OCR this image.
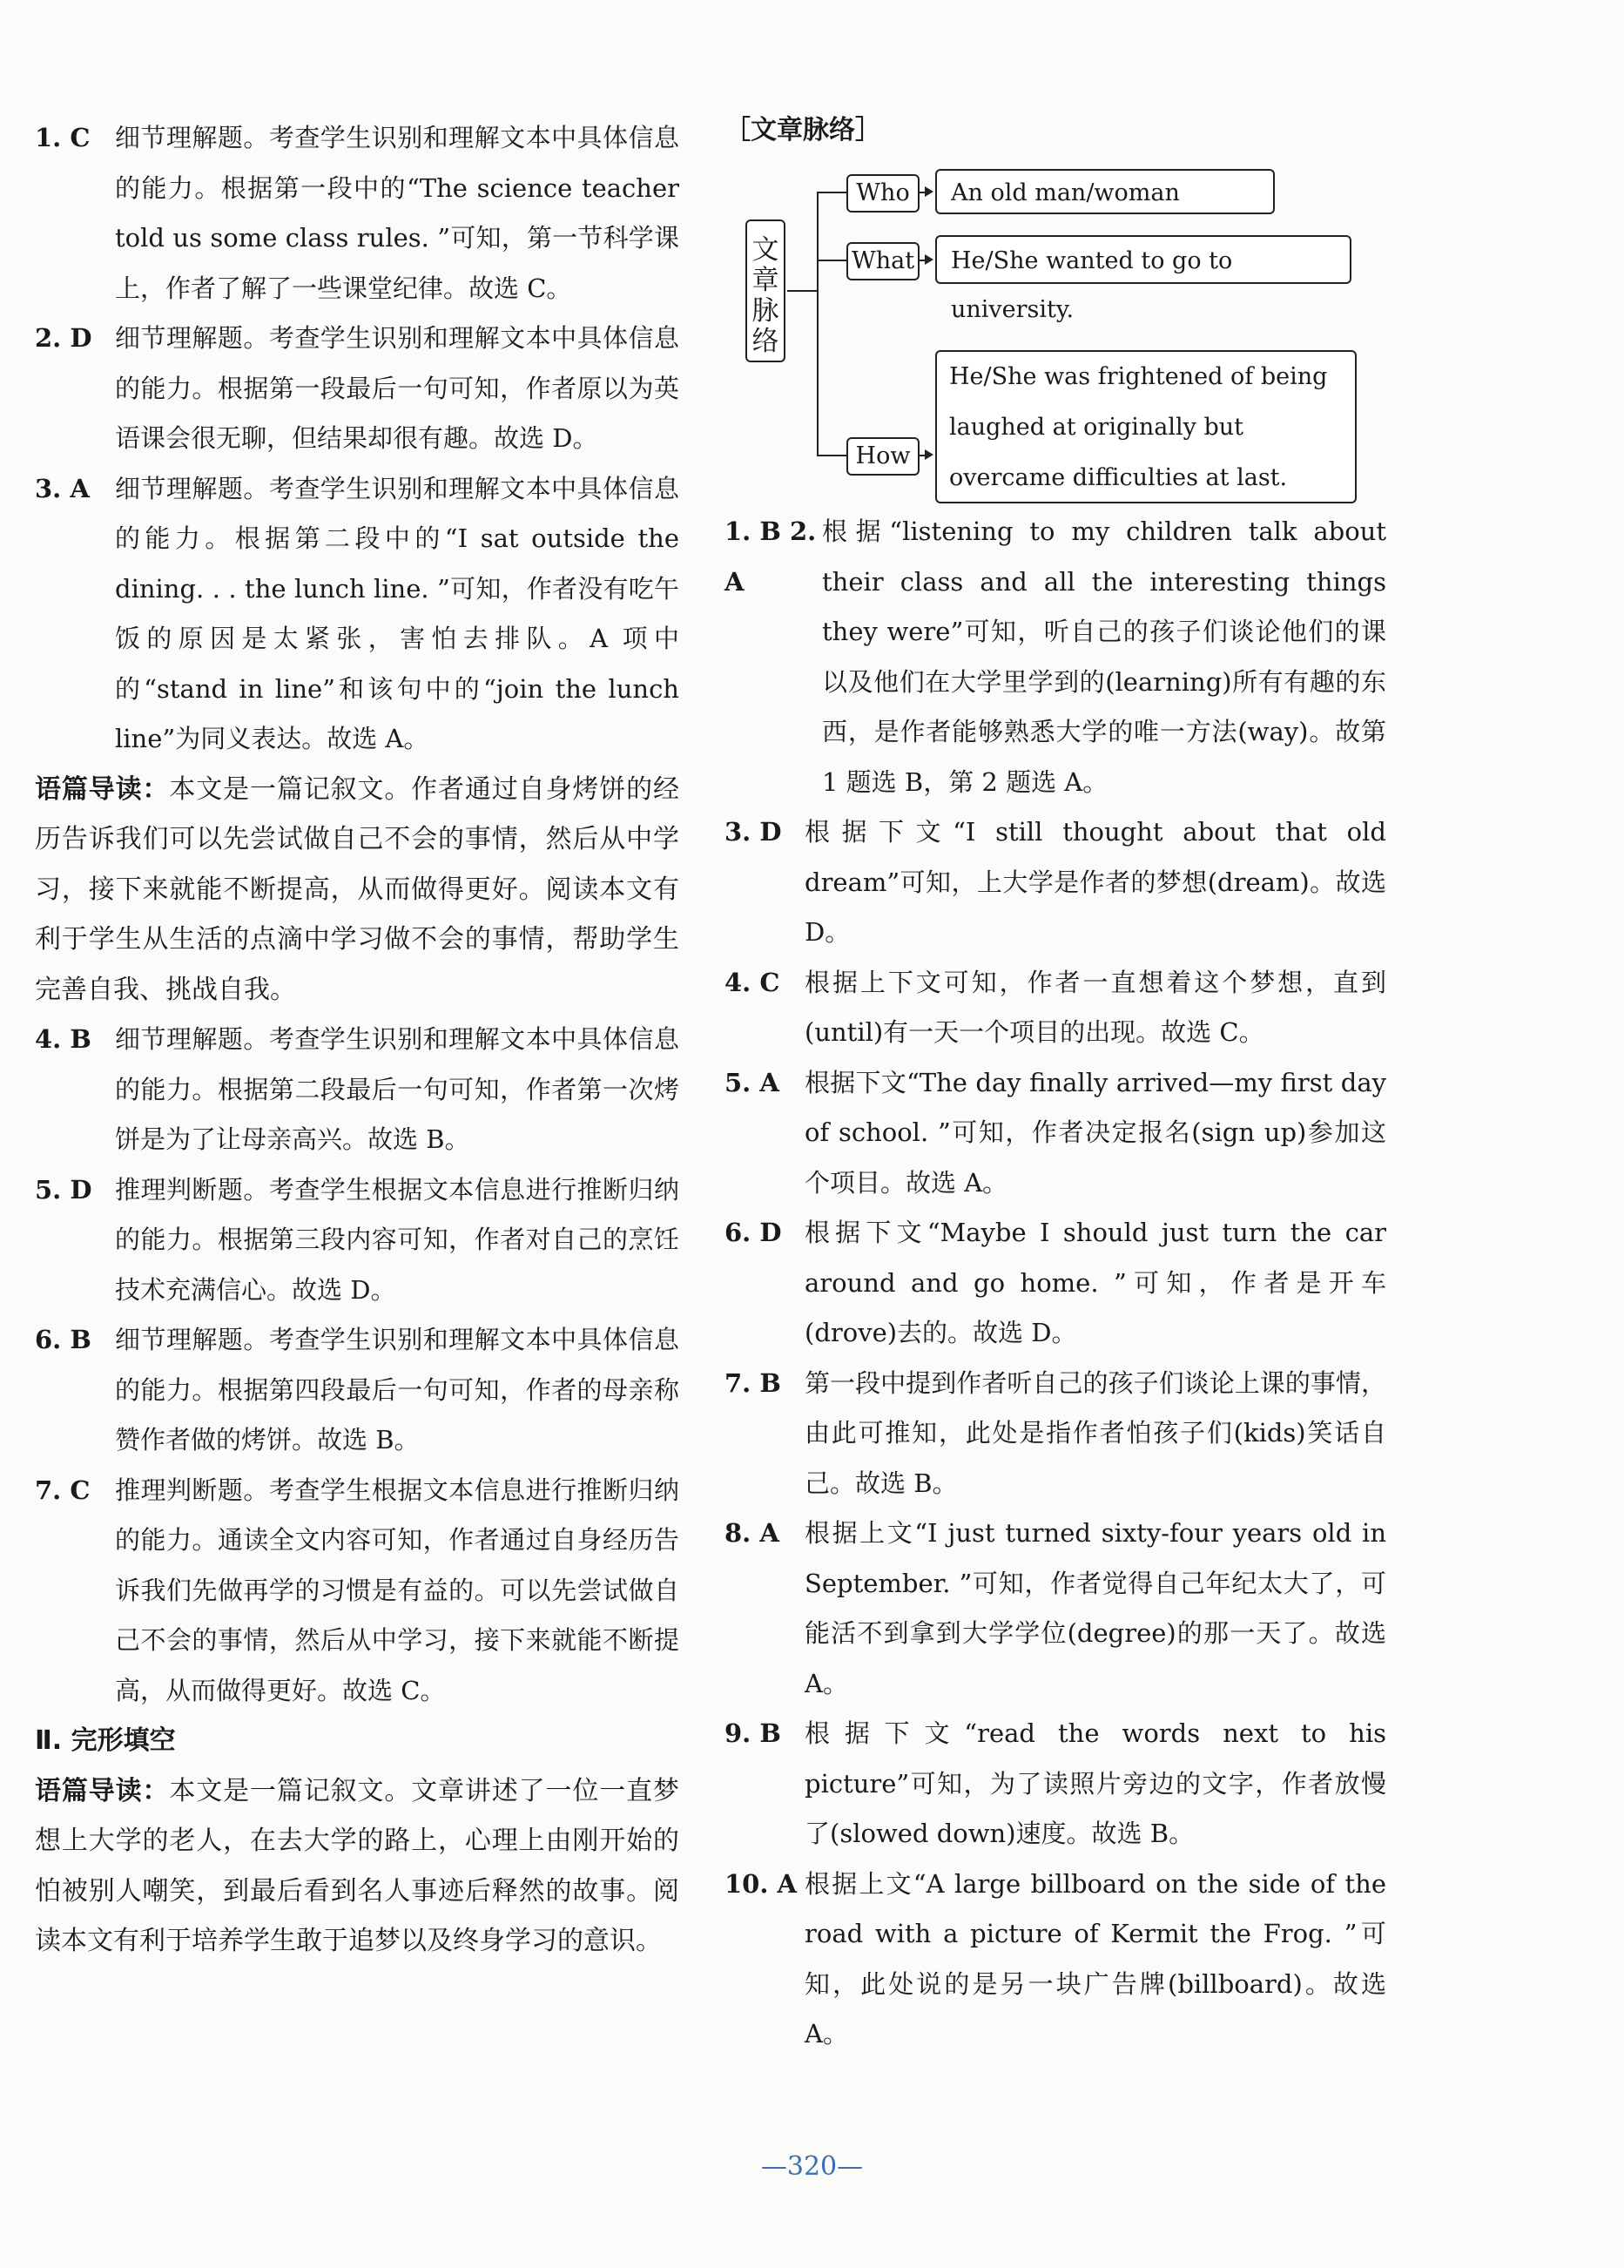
1. C 细节理解题。考查学生识别和理解文本中具体信息的能力。根据第一段中的“The science teacher told us some class rules. ”可知，第一节科学课上，作者了解了一些课堂纪律。故选 C。
2. D 细节理解题。考查学生识别和理解文本中具体信息的能力。根据第一段最后一句可知，作者原以为英语课会很无聊，但结果却很有趣。故选 D。
3. A	细节理解题。考查学生识别和理解文本中具体信息的能力。根据第二段中的“I sat outside the dining. . . the lunch line. ”可知，作者没有吃午饭的原因是太紧张，害怕去排队。A 项中的“stand in line”和该句中的“join the lunch line”为同义表达。故选 A。
语篇导读：本文是一篇记叙文。作者通过自身烤饼的经历告诉我们可以先尝试做自己不会的事情，然后从中学习，接下来就能不断提高，从而做得更好。阅读本文有利于学生从生活的点滴中学习做不会的事情，帮助学生完善自我、挑战自我。
4. B 细节理解题。考查学生识别和理解文本中具体信息的能力。根据第二段最后一句可知，作者第一次烤饼是为了让母亲高兴。故选 B。
5. D 推理判断题。考查学生根据文本信息进行推断归纳的能力。根据第三段内容可知，作者对自己的烹饪技术充满信心。故选 D。
6. B 细节理解题。考查学生识别和理解文本中具体信息的能力。根据第四段最后一句可知，作者的母亲称赞作者做的烤饼。故选 B。
7. C 推理判断题。考查学生根据文本信息进行推断归纳的能力。通读全文内容可知，作者通过自身经历告诉我们先做再学的习惯是有益的。可以先尝试做自己不会的事情，然后从中学习，接下来就能不断提高，从而做得更好。故选 C。
Ⅱ. 完形填空
语篇导读：本文是一篇记叙文。文章讲述了一位一直梦想上大学的老人，在去大学的路上，心理上由刚开始的怕被别人嘲笑，到最后看到名人事迹后释然的故事。阅读本文有利于培养学生敢于追梦以及终身学习的意识。
［文章脉络］
文章脉络
Who	An old man/woman
What	He/She wanted to go to university.
How
He/She was frightened of being laughed at originally but overcame difficulties at last.
1. B 2. A
根据“listening to my children talk about their class and all the interesting things they were”可知，听自己的孩子们谈论他们的课以及他们在大学里学到的(learning)所有有趣的东西，是作者能够熟悉大学的唯一方法(way)。故第 1 题选 B，第 2 题选 A。
3. D 根据下文“I still thought about that old dream”可知，上大学是作者的梦想(dream)。故选 D。
4. C 根据上下文可知，作者一直想着这个梦想，直到(until)有一天一个项目的出现。故选 C。
5. A	根据下文“The day finally arrived—my first day of school. ”可知，作者决定报名(sign up)参加这个项目。故选 A。
6. D 根据下文“Maybe I should just turn the car around and go home. ”可知，作者是开车(drove)去的。故选 D。
7. B 第一段中提到作者听自己的孩子们谈论上课的事情，由此可推知，此处是指作者怕孩子们(kids)笑话自己。故选 B。
8. A	根据上文“I just turned sixty-four years old in September. ”可知，作者觉得自己年纪太大了，可能活不到拿到大学学位(degree)的那一天了。故选 A。
9. B 根据下文“read the words next to his picture”可知，为了读照片旁边的文字，作者放慢了(slowed down)速度。故选 B。
10. A 根据上文“A large billboard on the side of the road with a picture of Kermit the Frog. ”可知，此处说的是另一块广告牌(billboard)。故选 A。
—320—
